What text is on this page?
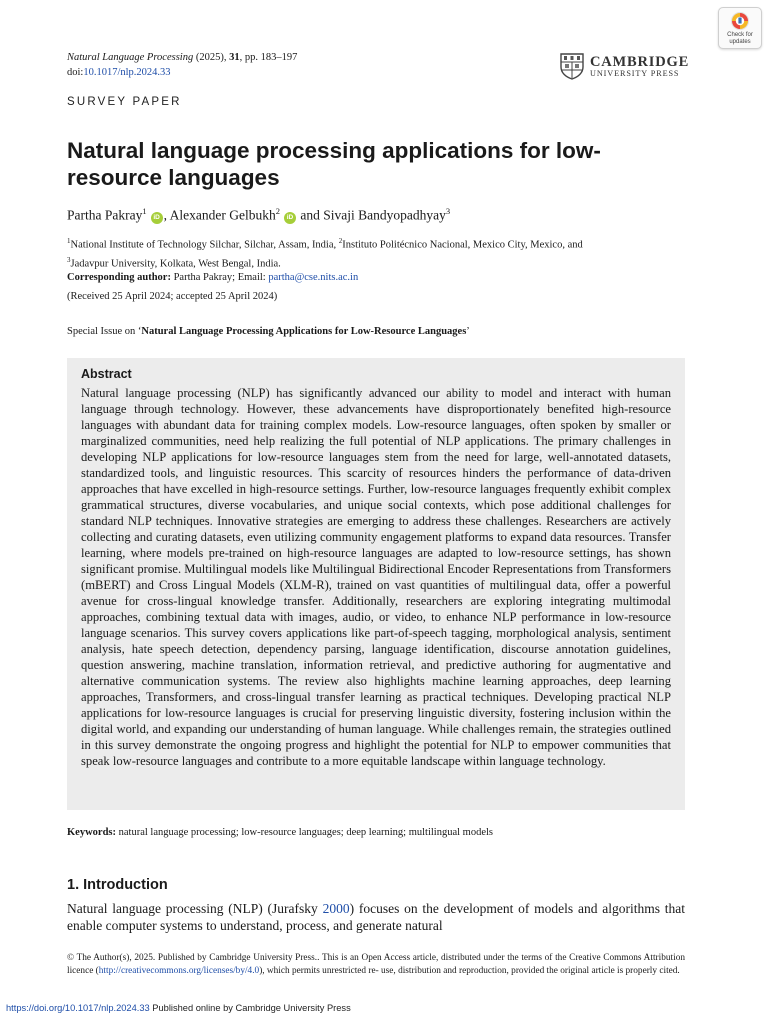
Natural Language Processing (2025), 31, pp. 183–197
doi:10.1017/nlp.2024.33
CAMBRIDGE
UNIVERSITY PRESS
Check for updates
SURVEY PAPER
Natural language processing applications for low-resource languages
Partha Pakray$^1$iD , Alexander Gelbukh$^2$iD and Sivaji Bandyopadhyay$^3$
$^1$National Institute of Technology Silchar, Silchar, Assam, India, $^2$Instituto Politécnico Nacional, Mexico City, Mexico, and
$^3$Jadavpur University, Kolkata, West Bengal, India.
Corresponding author: Partha Pakray; Email: partha@cse.nits.ac.in
(Received 25 April 2024; accepted 25 April 2024)
Special Issue on ‘Natural Language Processing Applications for Low-Resource Languages’
Abstract

Natural language processing (NLP) has significantly advanced our ability to model and interact with human language through technology. However, these advancements have disproportionately benefited high-resource languages with abundant data for training complex models. Low-resource languages, often spoken by smaller or marginalized communities, need help realizing the full potential of NLP applications. The primary challenges in developing NLP applications for low-resource languages stem from the need for large, well-annotated datasets, standardized tools, and linguistic resources. This scarcity of resources hinders the performance of data-driven approaches that have excelled in high-resource settings. Further, low-resource languages frequently exhibit complex grammatical structures, diverse vocabularies, and unique social contexts, which pose additional challenges for standard NLP techniques. Innovative strategies are emerging to address these challenges. Researchers are actively collecting and curating datasets, even utilizing community engagement platforms to expand data resources. Transfer learning, where models pre-trained on high-resource languages are adapted to low-resource settings, has shown significant promise. Multilingual models like Multilingual Bidirectional Encoder Representations from Transformers (mBERT) and Cross Lingual Models (XLM-R), trained on vast quantities of multilingual data, offer a powerful avenue for cross-lingual knowledge transfer. Additionally, researchers are exploring integrating multimodal approaches, combining textual data with images, audio, or video, to enhance NLP performance in low-resource language scenarios. This survey covers applications like part-of-speech tagging, morphological analysis, sentiment analysis, hate speech detection, dependency parsing, language identification, discourse annotation guidelines, question answering, machine translation, information retrieval, and predictive authoring for augmentative and alternative communication systems. The review also highlights machine learning approaches, deep learning approaches, Transformers, and cross-lingual transfer learning as practical techniques. Developing practical NLP applications for low-resource languages is crucial for preserving linguistic diversity, fostering inclusion within the digital world, and expanding our understanding of human language. While challenges remain, the strategies outlined in this survey demonstrate the ongoing progress and highlight the potential for NLP to empower communities that speak low-resource languages and contribute to a more equitable landscape within language technology.

Keywords: natural language processing; low-resource languages; deep learning; multilingual models
1. Introduction

Natural language processing (NLP) (Jurafsky 2000) focuses on the development of models and algorithms that enable computer systems to understand, process, and generate natural

© The Author(s), 2025. Published by Cambridge University Press.. This is an Open Access article, distributed under the terms of the Creative Commons Attribution licence (http://creativecommons.org/licenses/by/4.0), which permits unrestricted re- use, distribution and reproduction, provided the original article is properly cited.
https://doi.org/10.1017/nlp.2024.33 Published online by Cambridge University Press
